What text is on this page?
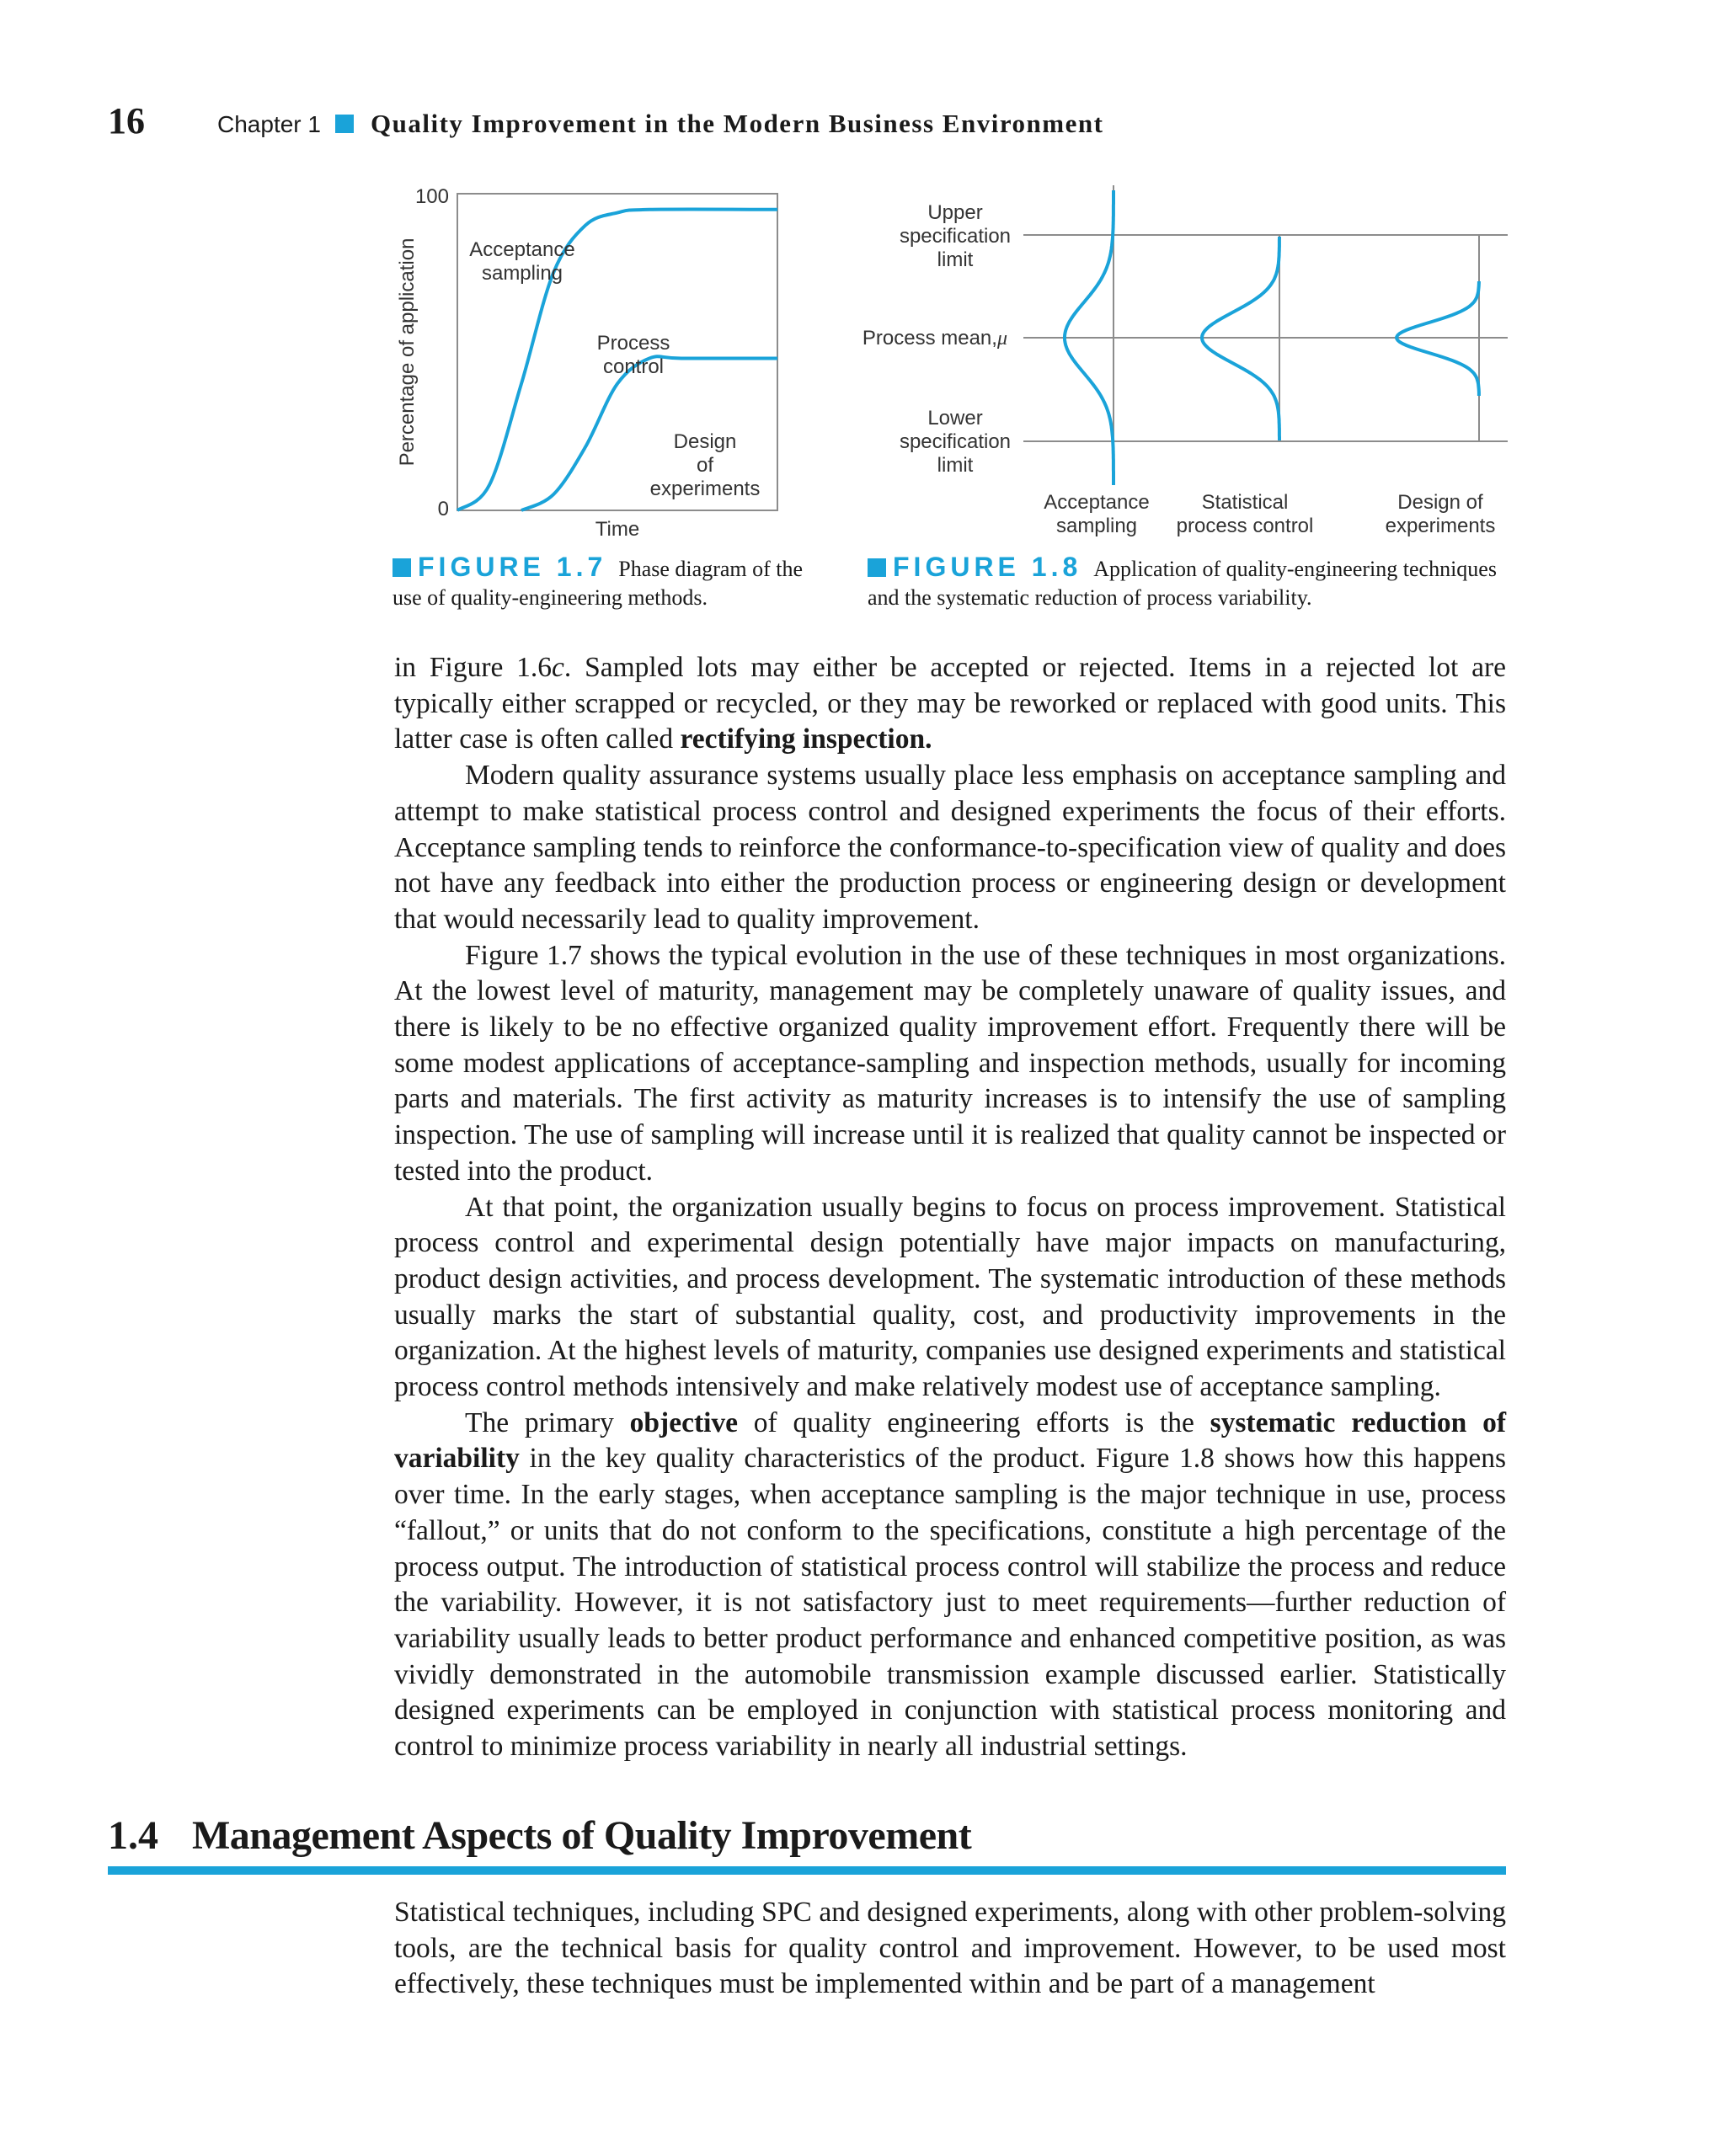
16	Chapter 1 Quality Improvement in the Modern Business Environment
100
0
Percentage of application
Time
Acceptance
sampling
Process
control
Design
of
experiments
Upper
specification
limit
Process mean,μ
Lower
specification
limit
Acceptance
sampling
Statistical
process control
Design of
experiments
FIGURE 1.7 Phase diagram of the use of quality-engineering methods.
FIGURE 1.8 Application of quality-engineering techniques and the systematic reduction of process variability.

in Figure 1.6c. Sampled lots may either be accepted or rejected. Items in a rejected lot are typically either scrapped or recycled, or they may be reworked or replaced with good units. This latter case is often called rectifying inspection.

Modern quality assurance systems usually place less emphasis on acceptance sampling and attempt to make statistical process control and designed experiments the focus of their efforts. Acceptance sampling tends to reinforce the conformance-to-specification view of quality and does not have any feedback into either the production process or engineering design or development that would necessarily lead to quality improvement.

Figure 1.7 shows the typical evolution in the use of these techniques in most organizations. At the lowest level of maturity, management may be completely unaware of quality issues, and there is likely to be no effective organized quality improvement effort. Frequently there will be some modest applications of acceptance-sampling and inspection methods, usually for incoming parts and materials. The first activity as maturity increases is to intensify the use of sampling inspection. The use of sampling will increase until it is realized that quality cannot be inspected or tested into the product.

At that point, the organization usually begins to focus on process improvement. Statistical process control and experimental design potentially have major impacts on manufacturing, product design activities, and process development. The systematic introduction of these methods usually marks the start of substantial quality, cost, and productivity improvements in the organization. At the highest levels of maturity, companies use designed experiments and statistical process control methods intensively and make relatively modest use of acceptance sampling.

The primary objective of quality engineering efforts is the systematic reduction of variability in the key quality characteristics of the product. Figure 1.8 shows how this happens over time. In the early stages, when acceptance sampling is the major technique in use, process “fallout,” or units that do not conform to the specifications, constitute a high percentage of the process output. The introduction of statistical process control will stabilize the process and reduce the variability. However, it is not satisfactory just to meet requirements—further reduction of variability usually leads to better product performance and enhanced competitive position, as was vividly demonstrated in the automobile transmission example discussed earlier. Statistically designed experiments can be employed in conjunction with statistical process monitoring and control to minimize process variability in nearly all industrial settings.

1.4 Management Aspects of Quality Improvement

Statistical techniques, including SPC and designed experiments, along with other problem-solving tools, are the technical basis for quality control and improvement. However, to be used most effectively, these techniques must be implemented within and be part of a management
